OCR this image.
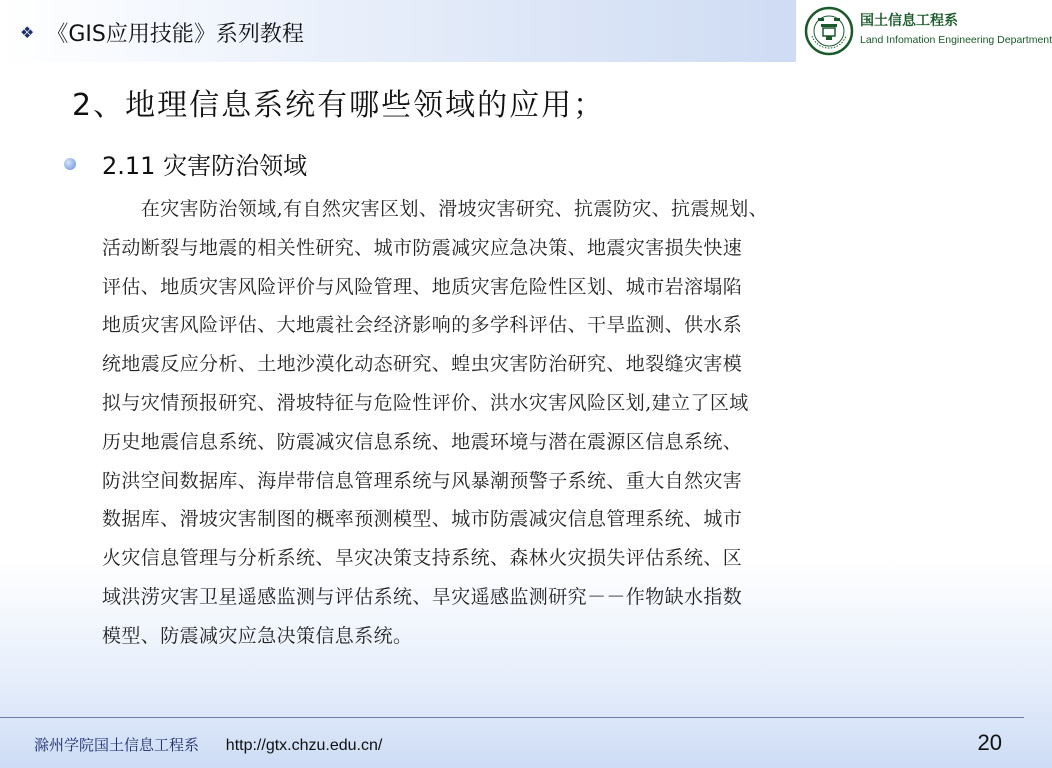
❖ 《GIS应用技能》系列教程
国土信息工程系
Land Infomation Engineering Department
2、地理信息系统有哪些领域的应用；
2.11 灾害防治领域
　　在灾害防治领域,有自然灾害区划、滑坡灾害研究、抗震防灾、抗震规划、
活动断裂与地震的相关性研究、城市防震减灾应急决策、地震灾害损失快速
评估、地质灾害风险评价与风险管理、地质灾害危险性区划、城市岩溶塌陷
地质灾害风险评估、大地震社会经济影响的多学科评估、干旱监测、供水系
统地震反应分析、土地沙漠化动态研究、蝗虫灾害防治研究、地裂缝灾害模
拟与灾情预报研究、滑坡特征与危险性评价、洪水灾害风险区划,建立了区域
历史地震信息系统、防震减灾信息系统、地震环境与潜在震源区信息系统、
防洪空间数据库、海岸带信息管理系统与风暴潮预警子系统、重大自然灾害
数据库、滑坡灾害制图的概率预测模型、城市防震减灾信息管理系统、城市
火灾信息管理与分析系统、旱灾决策支持系统、森林火灾损失评估系统、区
域洪涝灾害卫星遥感监测与评估系统、旱灾遥感监测研究－－作物缺水指数
模型、防震减灾应急决策信息系统。
滁州学院国土信息工程系 http://gtx.chzu.edu.cn/	20
